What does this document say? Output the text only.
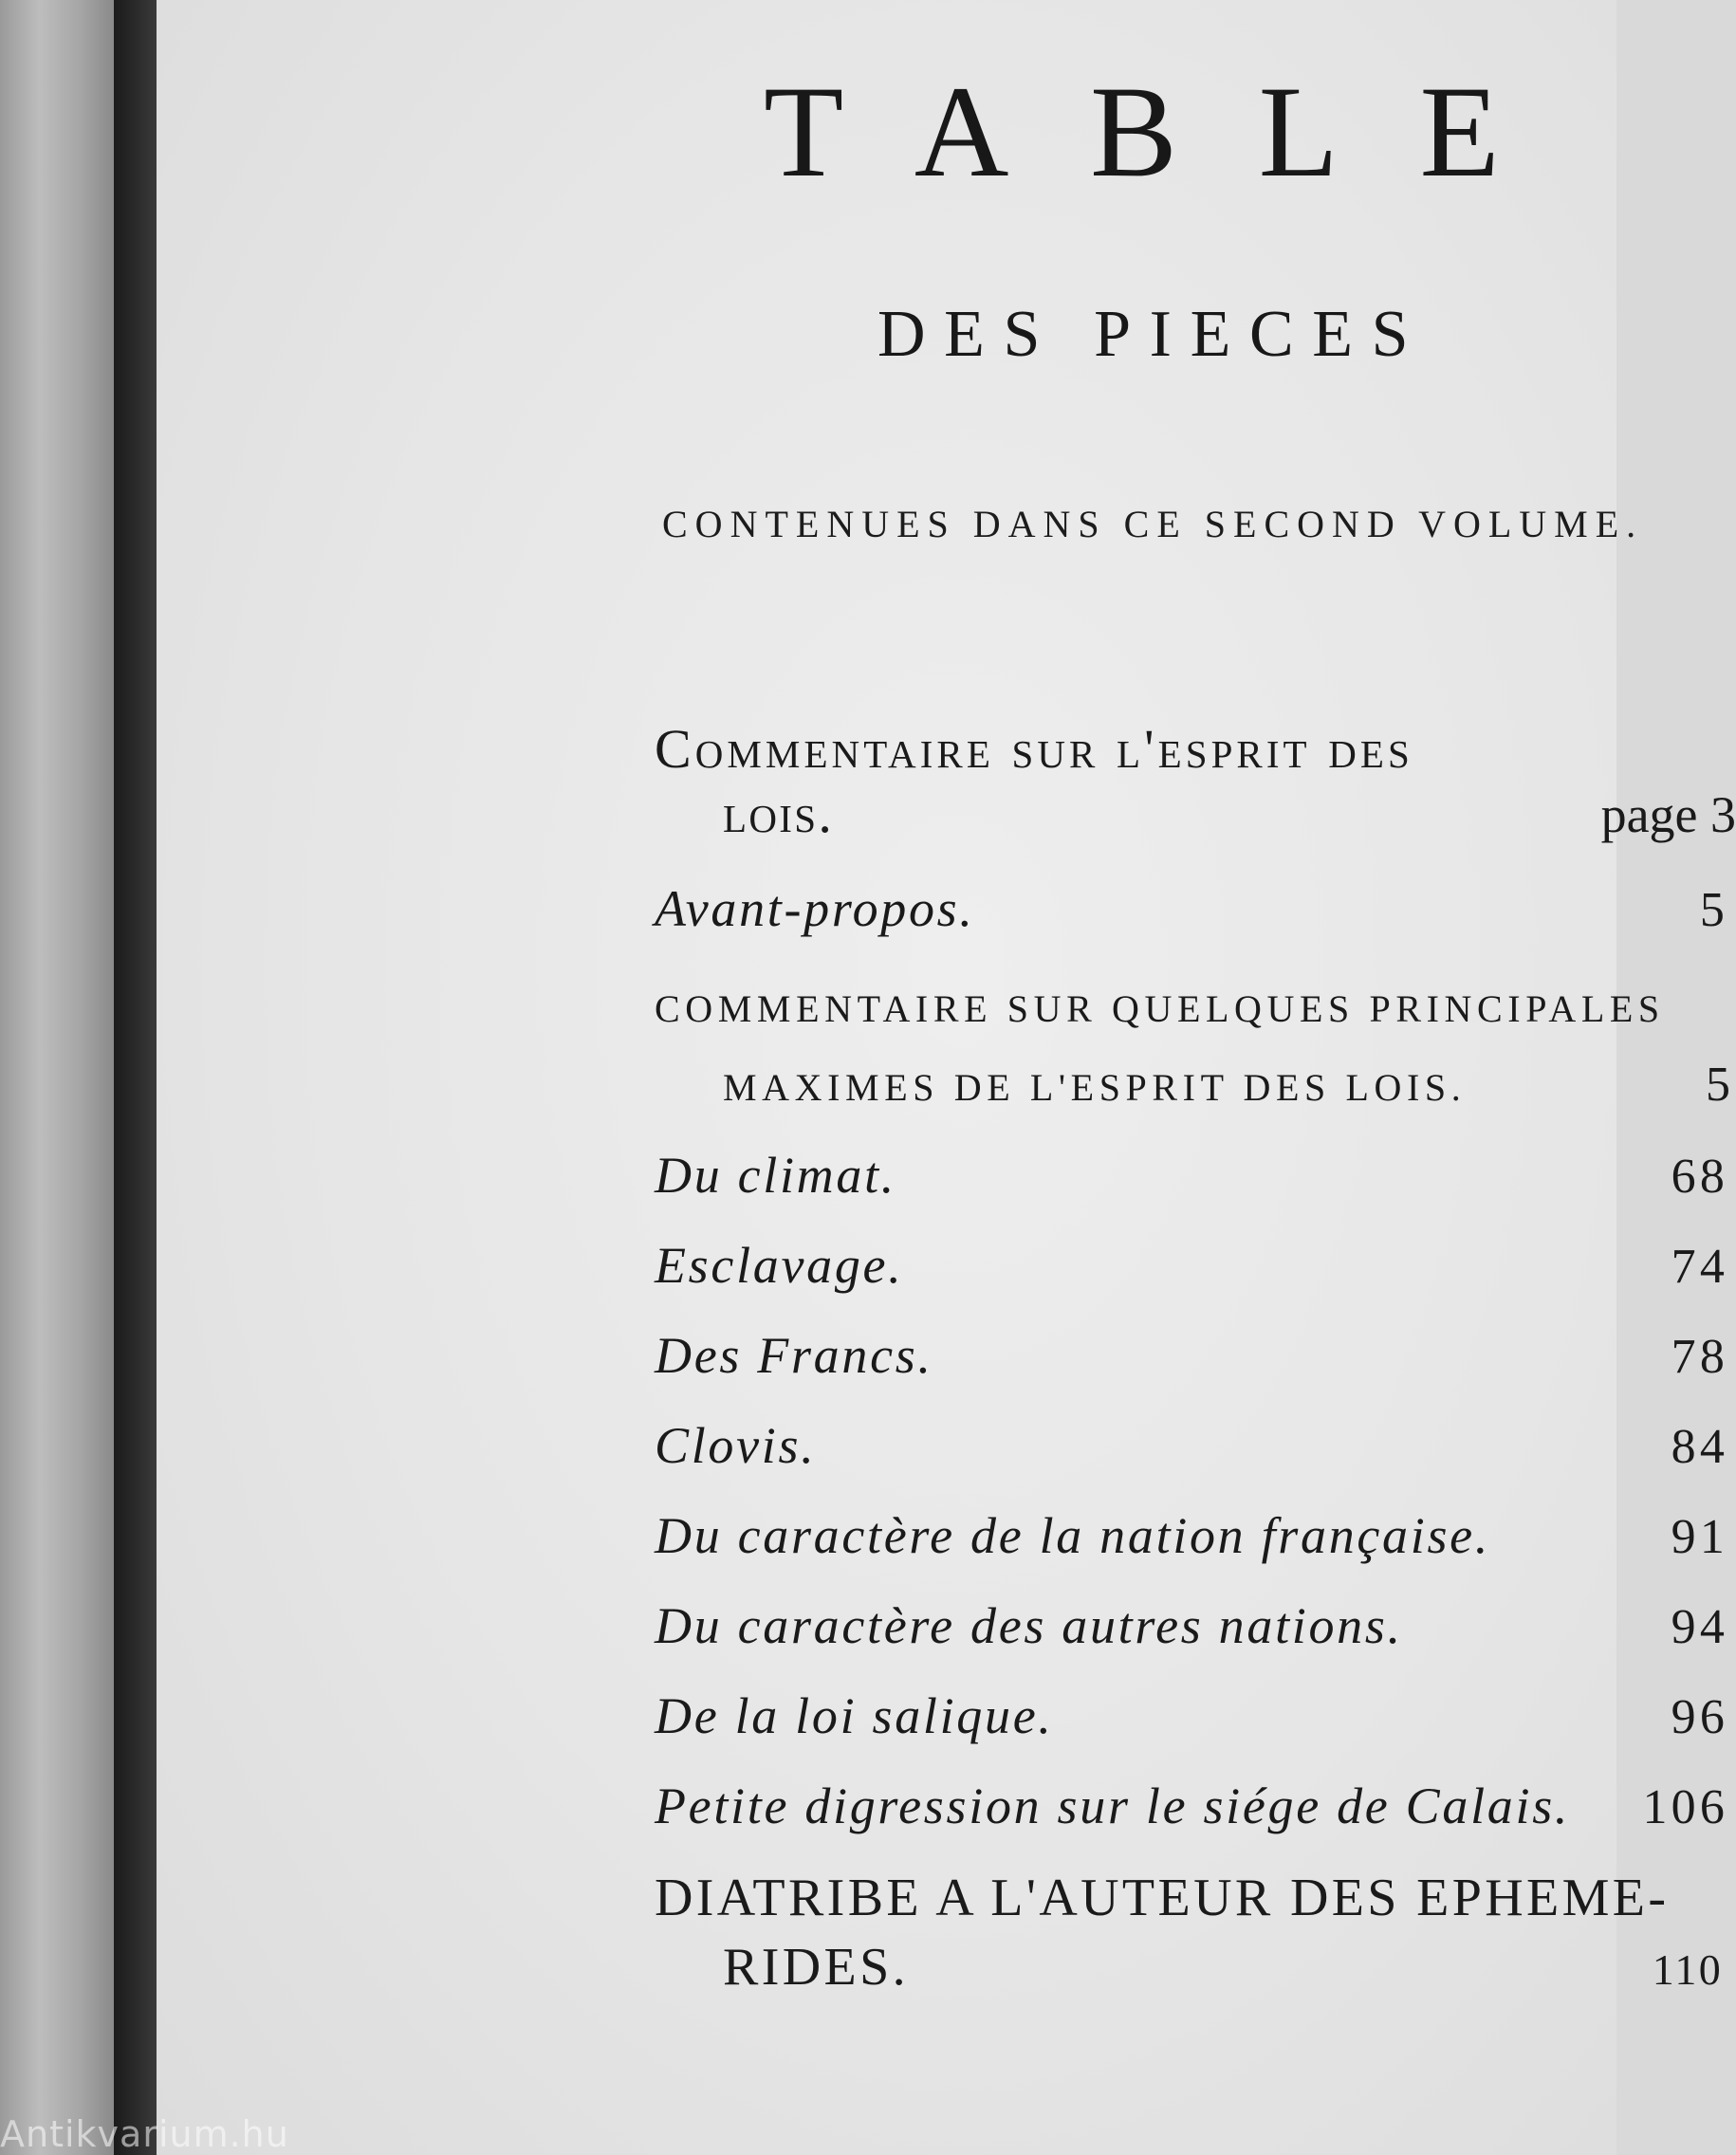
TABLE
DES PIECES
CONTENUES DANS CE SECOND VOLUME.
Commentaire sur l'esprit des
lois.	page 3
Avant-propos.	5
COMMENTAIRE SUR QUELQUES PRINCIPALES
MAXIMES DE L'ESPRIT DES LOIS.	5
Du climat.	68
Esclavage.	74
Des Francs.	78
Clovis.	84
Du caractère de la nation française.	91
Du caractère des autres nations.	94
De la loi salique.	96
Petite digression sur le siége de Calais. 106
DIATRIBE A L'AUTEUR DES EPHEME-
RIDES.	110
Antikvarium.hu
